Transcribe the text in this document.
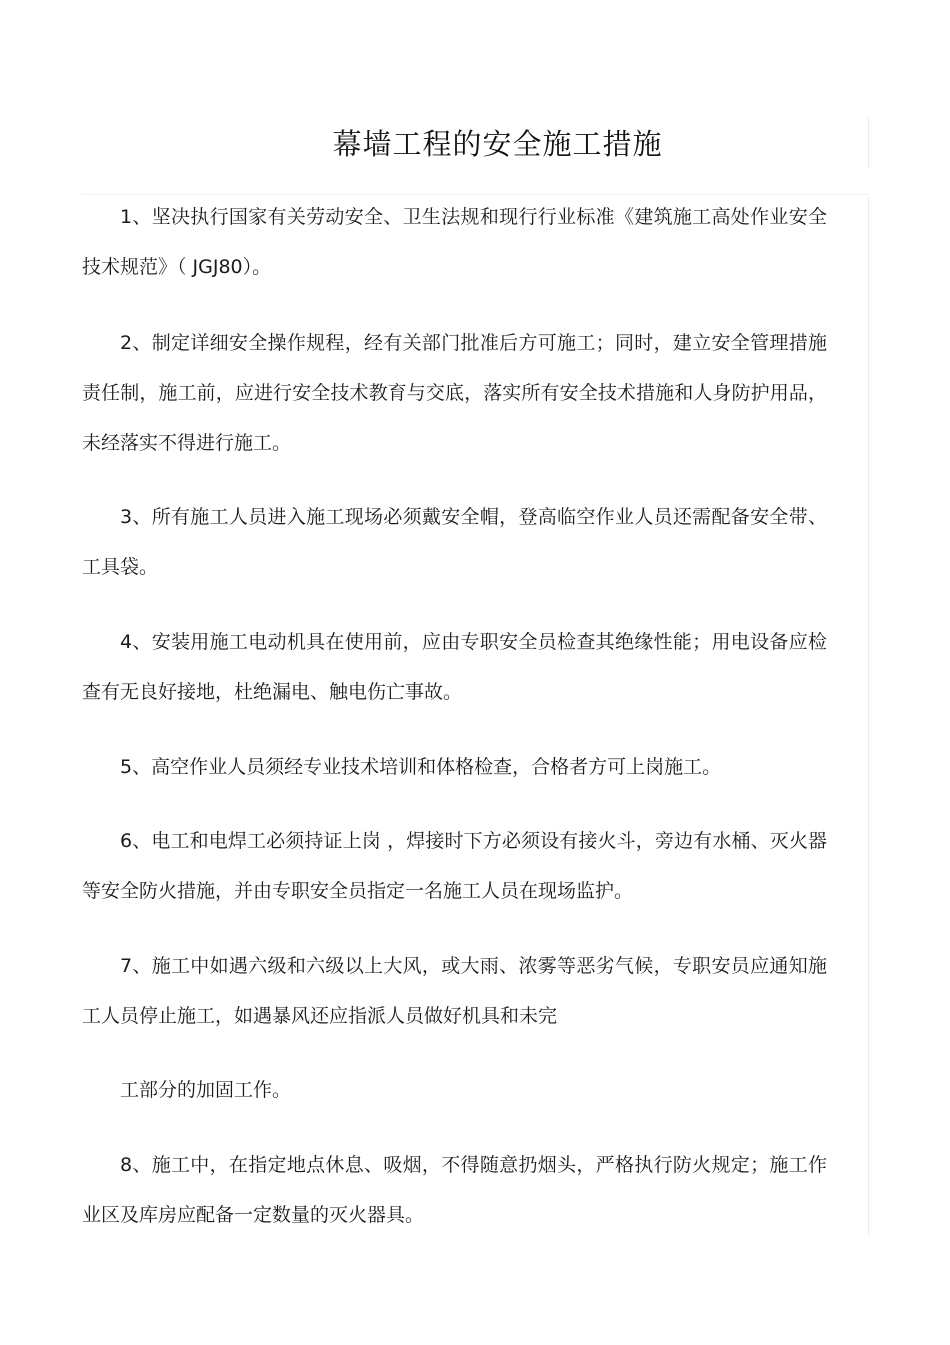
幕墙工程的安全施工措施

1、坚决执行国家有关劳动安全、卫生法规和现行行业标准《建筑施工高处作业安全技术规范》（ JGJ80）。

2、制定详细安全操作规程，经有关部门批准后方可施工；同时，建立安全管理措施责任制，施工前，应进行安全技术教育与交底，落实所有安全技术措施和人身防护用品，未经落实不得进行施工。

3、所有施工人员进入施工现场必须戴安全帽，登高临空作业人员还需配备安全带、工具袋。

4、安装用施工电动机具在使用前，应由专职安全员检查其绝缘性能；用电设备应检查有无良好接地，杜绝漏电、触电伤亡事故。

5、高空作业人员须经专业技术培训和体格检查，合格者方可上岗施工。

6、电工和电焊工必须持证上岗 ，焊接时下方必须设有接火斗，旁边有水桶、灭火器等安全防火措施，并由专职安全员指定一名施工人员在现场监护。

7、施工中如遇六级和六级以上大风，或大雨、浓雾等恶劣气候，专职安员应通知施工人员停止施工，如遇暴风还应指派人员做好机具和未完

工部分的加固工作。

8、施工中，在指定地点休息、吸烟，不得随意扔烟头，严格执行防火规定；施工作业区及库房应配备一定数量的灭火器具。
